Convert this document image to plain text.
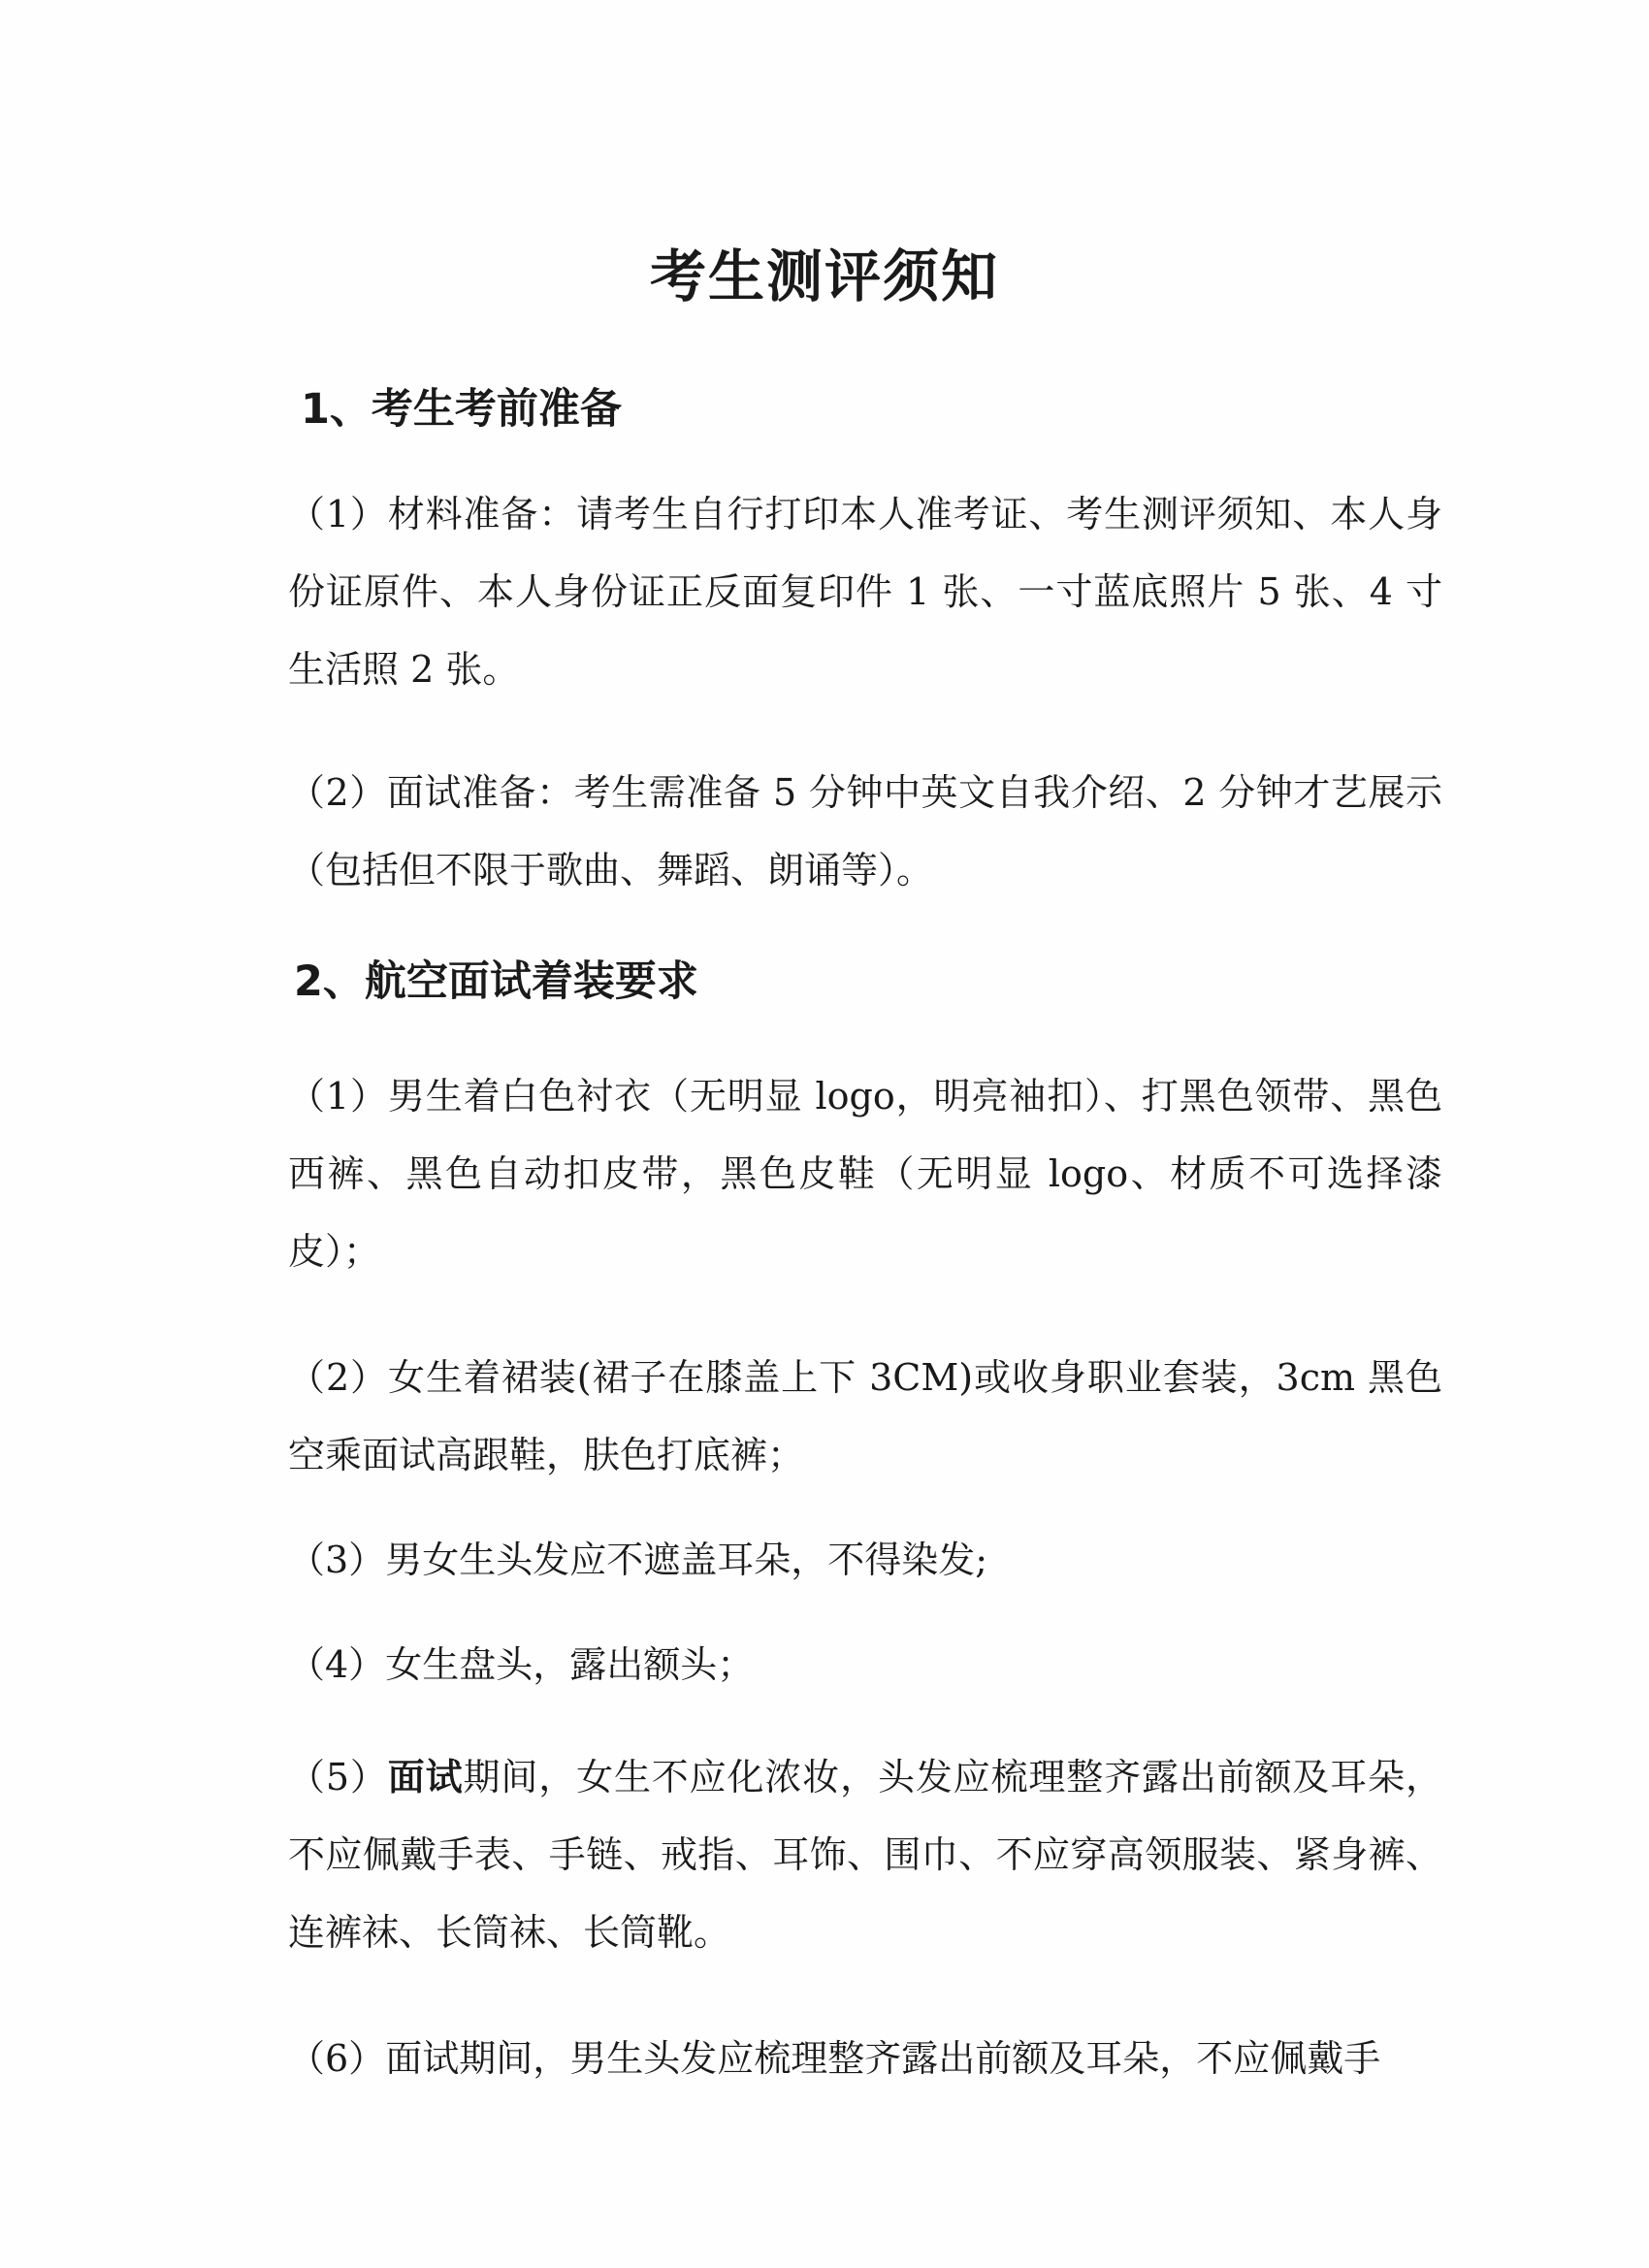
考生测评须知
1、考生考前准备

（1）材料准备：请考生自行打印本人准考证、考生测评须知、本人身份证原件、本人身份证正反面复印件 1 张、一寸蓝底照片 5 张、4 寸生活照 2 张。

（2）面试准备：考生需准备 5 分钟中英文自我介绍、2 分钟才艺展示（包括但不限于歌曲、舞蹈、朗诵等）。

2、航空面试着装要求

（1）男生着白色衬衣（无明显 logo，明亮袖扣）、打黑色领带、黑色西裤、黑色自动扣皮带，黑色皮鞋（无明显 logo、材质不可选择漆皮）；

（2）女生着裙装(裙子在膝盖上下 3CM)或收身职业套装，3cm 黑色空乘面试高跟鞋，肤色打底裤；

（3）男女生头发应不遮盖耳朵，不得染发;

（4）女生盘头，露出额头；

（5）面试期间，女生不应化浓妆，头发应梳理整齐露出前额及耳朵，不应佩戴手表、手链、戒指、耳饰、围巾、不应穿高领服装、紧身裤、连裤袜、长筒袜、长筒靴。

（6）面试期间，男生头发应梳理整齐露出前额及耳朵，不应佩戴手
